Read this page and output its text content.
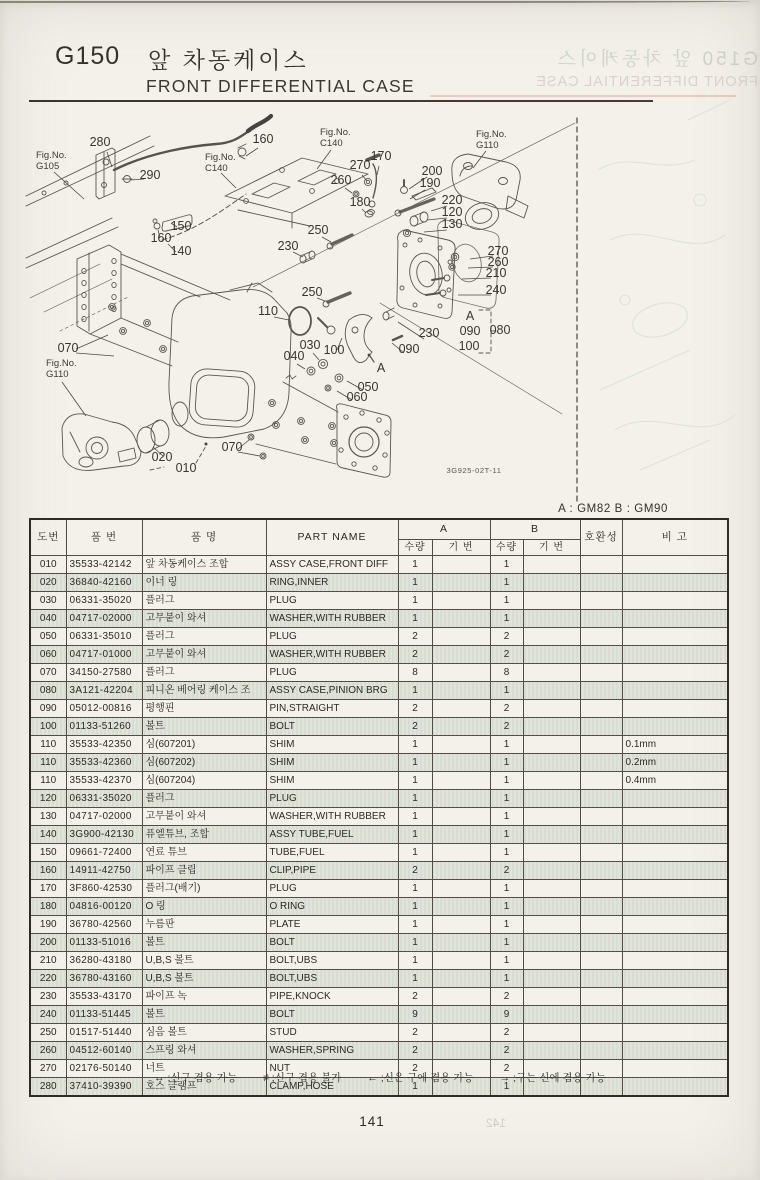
G150 앞 차동케이스
FRONT DIFFERENTIAL CASE
142
G150 앞 차동케이스
FRONT DIFFERENTIAL CASE
280
290
160
170
270
260
200
190
220
120
130
180
150
160
140
250
230
250
110
270
260
210
240
030
040 100
050
060
070
070
020
010
230
090
A
090
100
080
A
Fig.No. G105
Fig.No. C140
Fig.No. C140
Fig.No. G110
Fig.No. G110
3G925-02T-11
A : GM82 B : GM90
도번	품 번	품 명	PART NAME	A		B		호환성	비 고
				수량	기 번	수량	기 번		
010	35533-42142	앞 차동케이스 조합	ASSY CASE,FRONT DIFF	1		1			
020	36840-42160	이너 링	RING,INNER	1		1			
030	06331-35020	플러그	PLUG	1		1			
040	04717-02000	고무붙이 와셔	WASHER,WITH RUBBER	1		1			
050	06331-35010	플러그	PLUG	2		2			
060	04717-01000	고무붙이 와셔	WASHER,WITH RUBBER	2		2			
070	34150-27580	플러그	PLUG	8		8			
080	3A121-42204	피니온 베어링 케이스 조	ASSY CASE,PINION BRG	1		1			
090	05012-00816	평행핀	PIN,STRAIGHT	2		2			
100	01133-51260	볼트	BOLT	2		2			
110	35533-42350	심(607201)	SHIM	1		1			0.1mm
110	35533-42360	심(607202)	SHIM	1		1			0.2mm
110	35533-42370	심(607204)	SHIM	1		1			0.4mm
120	06331-35020	플러그	PLUG	1		1			
130	04717-02000	고무붙이 와셔	WASHER,WITH RUBBER	1		1			
140	3G900-42130	퓨엘튜브, 조합	ASSY TUBE,FUEL	1		1			
150	09661-72400	연료 튜브	TUBE,FUEL	1		1			
160	14911-42750	파이프 클립	CLIP,PIPE	2		2			
170	3F860-42530	플러그(배기)	PLUG	1		1			
180	04816-00120	O 링	O RING	1		1			
190	36780-42560	누름판	PLATE	1		1			
200	01133-51016	볼트	BOLT	1		1			
210	36280-43180	U,B,S 볼트	BOLT,UBS	1		1			
220	36780-43160	U,B,S 볼트	BOLT,UBS	1		1			
230	35533-43170	파이프 녹	PIPE,KNOCK	2		2			
240	01133-51445	볼트	BOLT	9		9			
250	01517-51440	심음 볼트	STUD	2		2			
260	04512-60140	스프링 와셔	WASHER,SPRING	2		2			
270	02176-50140	너트	NUT	2		2			
280	37410-39390	호스 클램프	CLAMP,HOSE	1		1			
↔ ;신구 겸용 가능 ≠ ;신구 겸용 불가 ← ;신은 구에 겸용 가능 → ;구는 신에 겸용 가능
141
